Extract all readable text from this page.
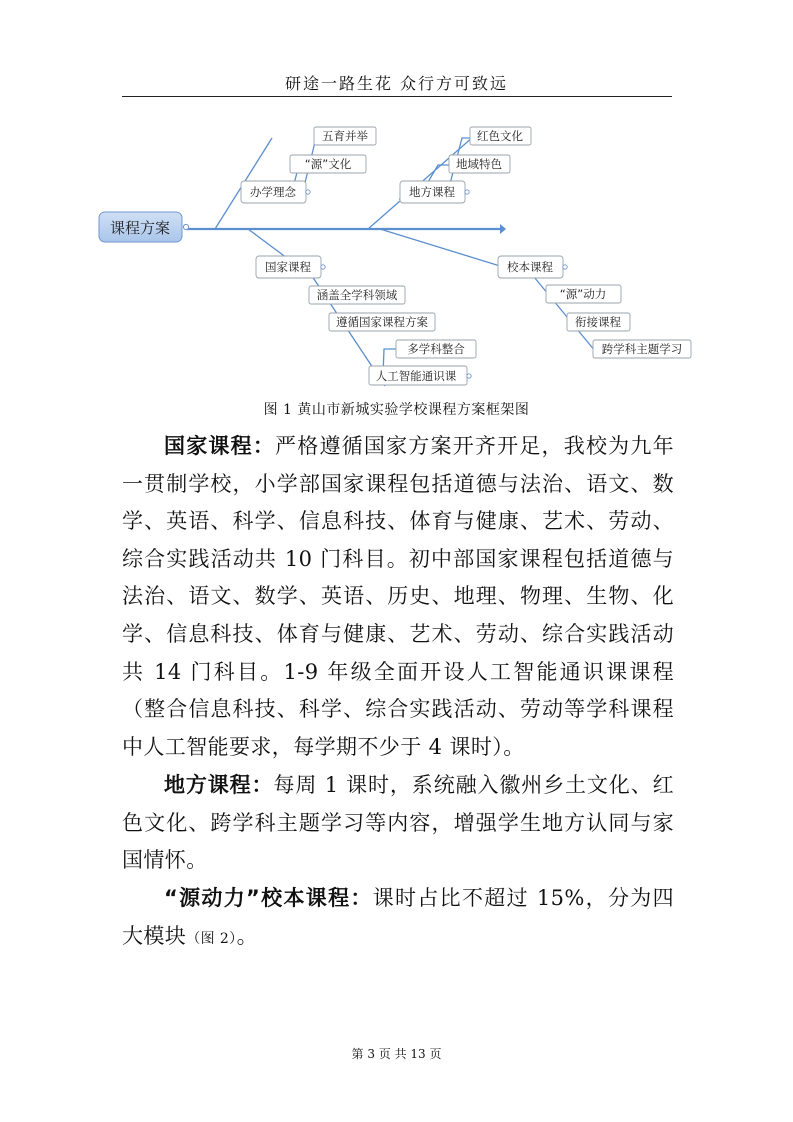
研途一路生花 众行方可致远
课程方案
办学理念
五育并举
“源”文化
地方课程
红色文化
地域特色
国家课程
涵盖全学科领域
遵循国家课程方案
多学科整合
人工智能通识课
校本课程
“源”动力
衔接课程
跨学科主题学习
图 1 黄山市新城实验学校课程方案框架图
国家课程：严格遵循国家方案开齐开足，我校为九年一贯制学校，小学部国家课程包括道德与法治、语文、数学、英语、科学、信息科技、体育与健康、艺术、劳动、综合实践活动共 10 门科目。初中部国家课程包括道德与法治、语文、数学、英语、历史、地理、物理、生物、化学、信息科技、体育与健康、艺术、劳动、综合实践活动共 14 门科目。1-9 年级全面开设人工智能通识课课程（整合信息科技、科学、综合实践活动、劳动等学科课程中人工智能要求，每学期不少于 4 课时）。
地方课程：每周 1 课时，系统融入徽州乡土文化、红色文化、跨学科主题学习等内容，增强学生地方认同与家国情怀。
“源动力”校本课程：课时占比不超过 15%，分为四大模块（图 2）。
第 3 页 共 13 页
